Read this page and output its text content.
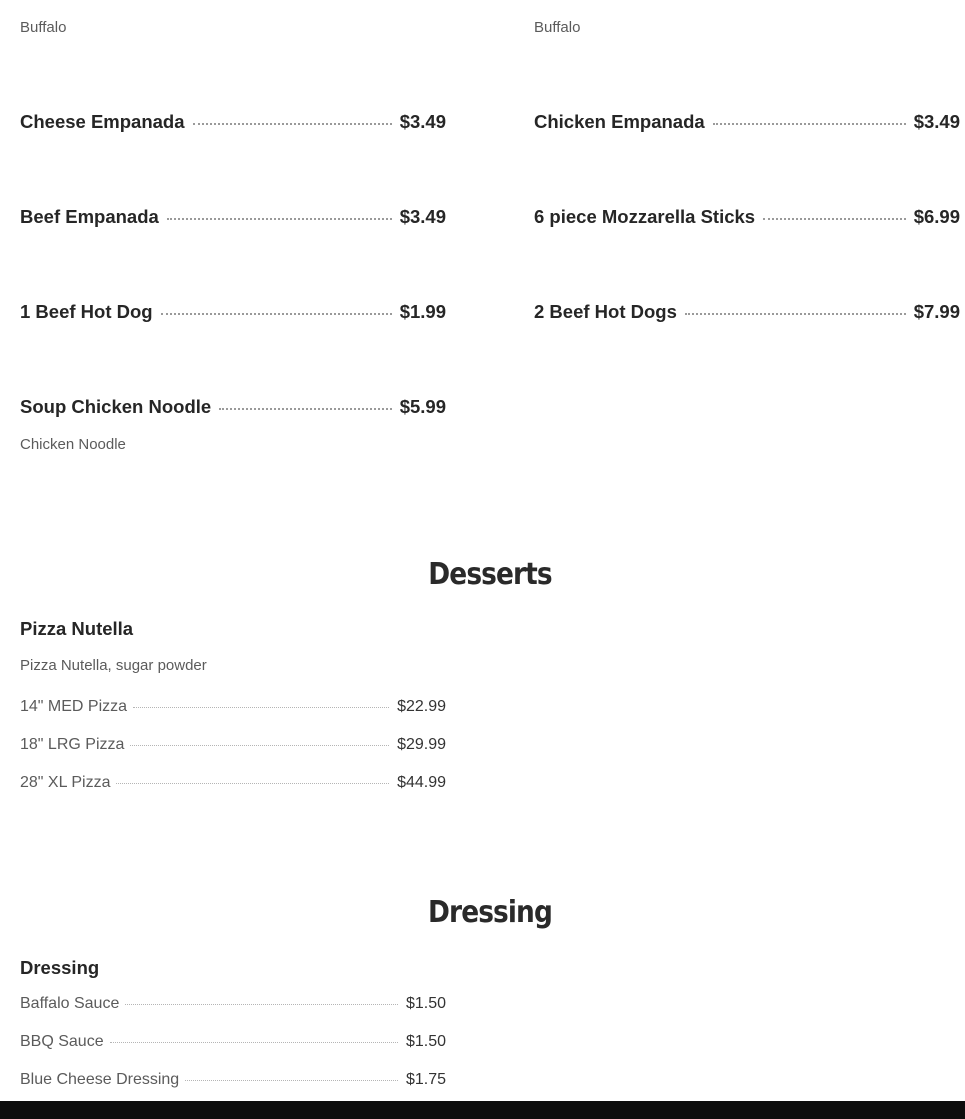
Buffalo	Buffalo
Cheese Empanada	$3.49	Chicken Empanada	$3.49
Beef Empanada	$3.49	6 piece Mozzarella Sticks	$6.99
1 Beef Hot Dog	$1.99	2 Beef Hot Dogs	$7.99
Soup Chicken Noodle	$5.99
Chicken Noodle
Desserts
Pizza Nutella
Pizza Nutella, sugar powder
14" MED Pizza	$22.99
18" LRG Pizza	$29.99
28" XL Pizza	$44.99
Dressing
Dressing
Baffalo Sauce	$1.50
BBQ Sauce	$1.50
Blue Cheese Dressing	$1.75
